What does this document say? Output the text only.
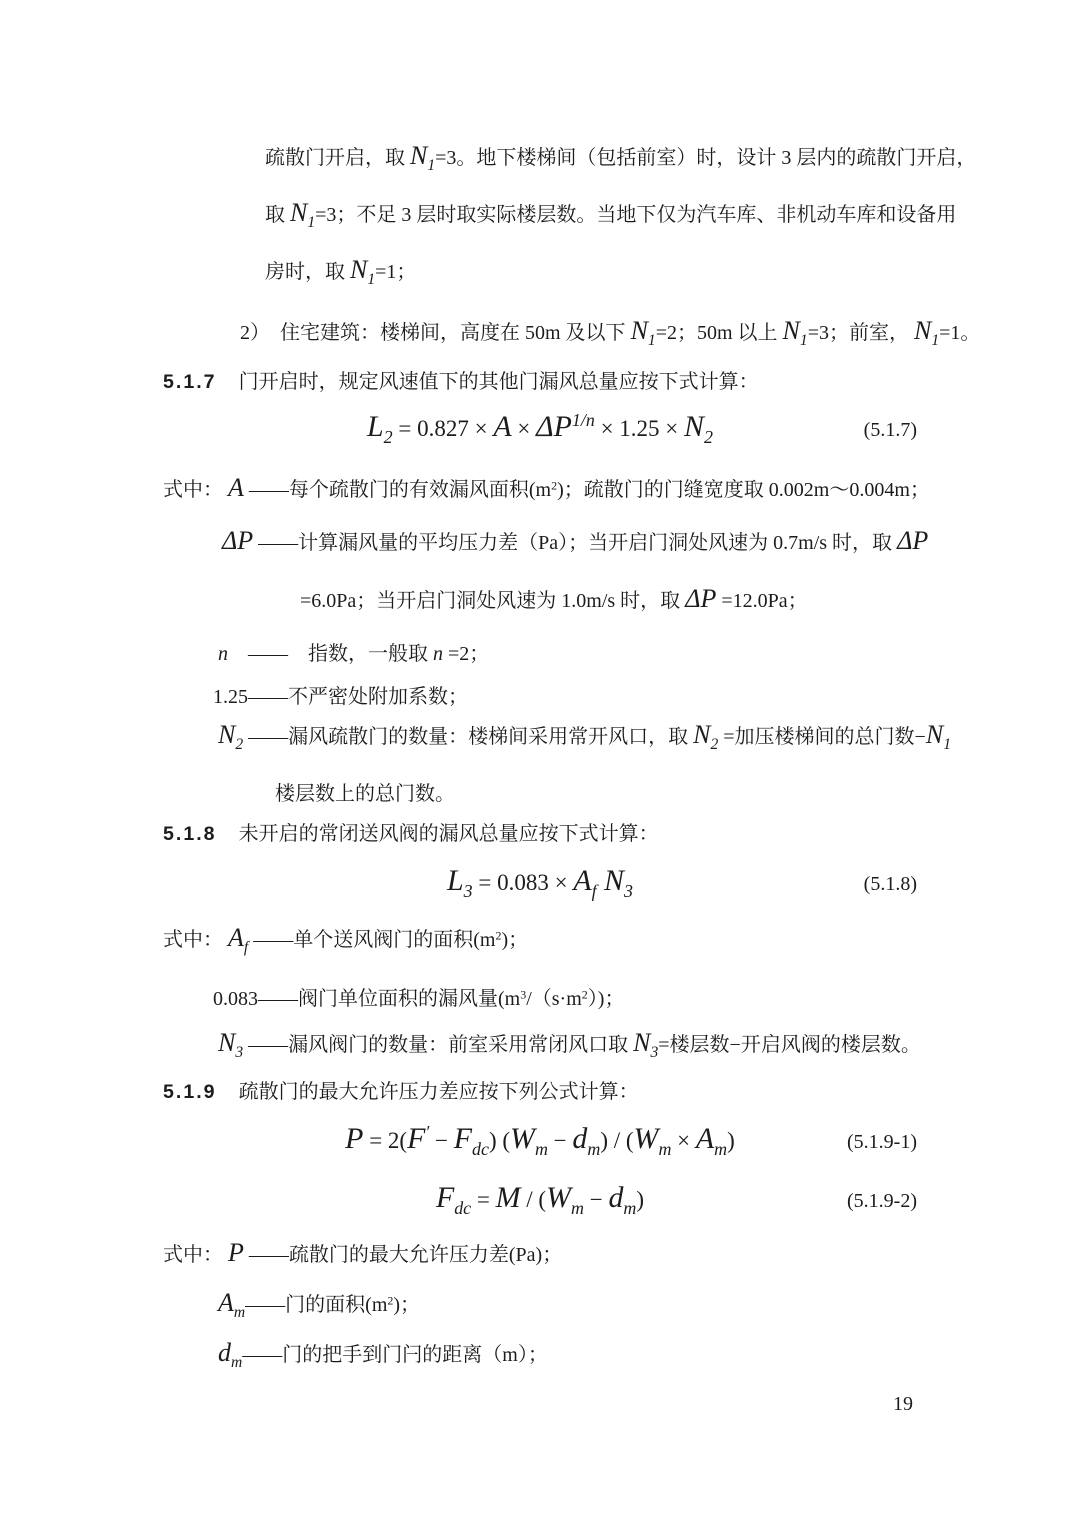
疏散门开启，取 $N_1=3$。地下楼梯间（包括前室）时，设计 3 层内的疏散门开启，
取 $N_1=3$；不足 3 层时取实际楼层数。当地下仅为汽车库、非机动车库和设备用
房时，取 $N_1=1$；
2）　住宅建筑：楼梯间，高度在 50m 及以下 $N_1=2$；50m 以上 $N_1=3$；前室， $N_1=1$。
5.1.7 门开启时，规定风速值下的其他门漏风总量应按下式计算：
$L_2 = 0.827 \times A \times \Delta P^{1/n} \times 1.25 \times N_2$	(5.1.7)
式中： A ——每个疏散门的有效漏风面积$(m^2)$；疏散门的门缝宽度取 0.002m～0.004m；
ΔP ——计算漏风量的平均压力差（Pa）；当开启门洞处风速为 0.7m/s 时，取 ΔP
=6.0Pa；当开启门洞处风速为 1.0m/s 时，取 ΔP =12.0Pa；
n　——　指数，一般取 n =2；
1.25——不严密处附加系数；
$N_2$ ——漏风疏散门的数量：楼梯间采用常开风口，取 $N_2$ =加压楼梯间的总门数$-N_1$
楼层数上的总门数。
5.1.8 未开启的常闭送风阀的漏风总量应按下式计算：
$L_3 = 0.083 \times A_f$ $N_3$	(5.1.8)
式中： $A_f$ ——单个送风阀门的面积$(m^2)$；
0.083——阀门单位面积的漏风量$(m^3/(s\cdot m^2))$；
$N_3$ ——漏风阀门的数量：前室采用常闭风口取 $N_3=$楼层数−开启风阀的楼层数。
5.1.9 疏散门的最大允许压力差应按下列公式计算：
$P = 2(F' - F_{dc})$ $(W_m - d_m) / (W_m \times A_m)$	(5.1.9-1)
$F_{dc} = M / (W_m - d_m)$	(5.1.9-2)
式中： P ——疏散门的最大允许压力差(Pa)；
$A_m——$门的面积$(m^2)$；
$d_m——$门的把手到门闩的距离（m）；
19
